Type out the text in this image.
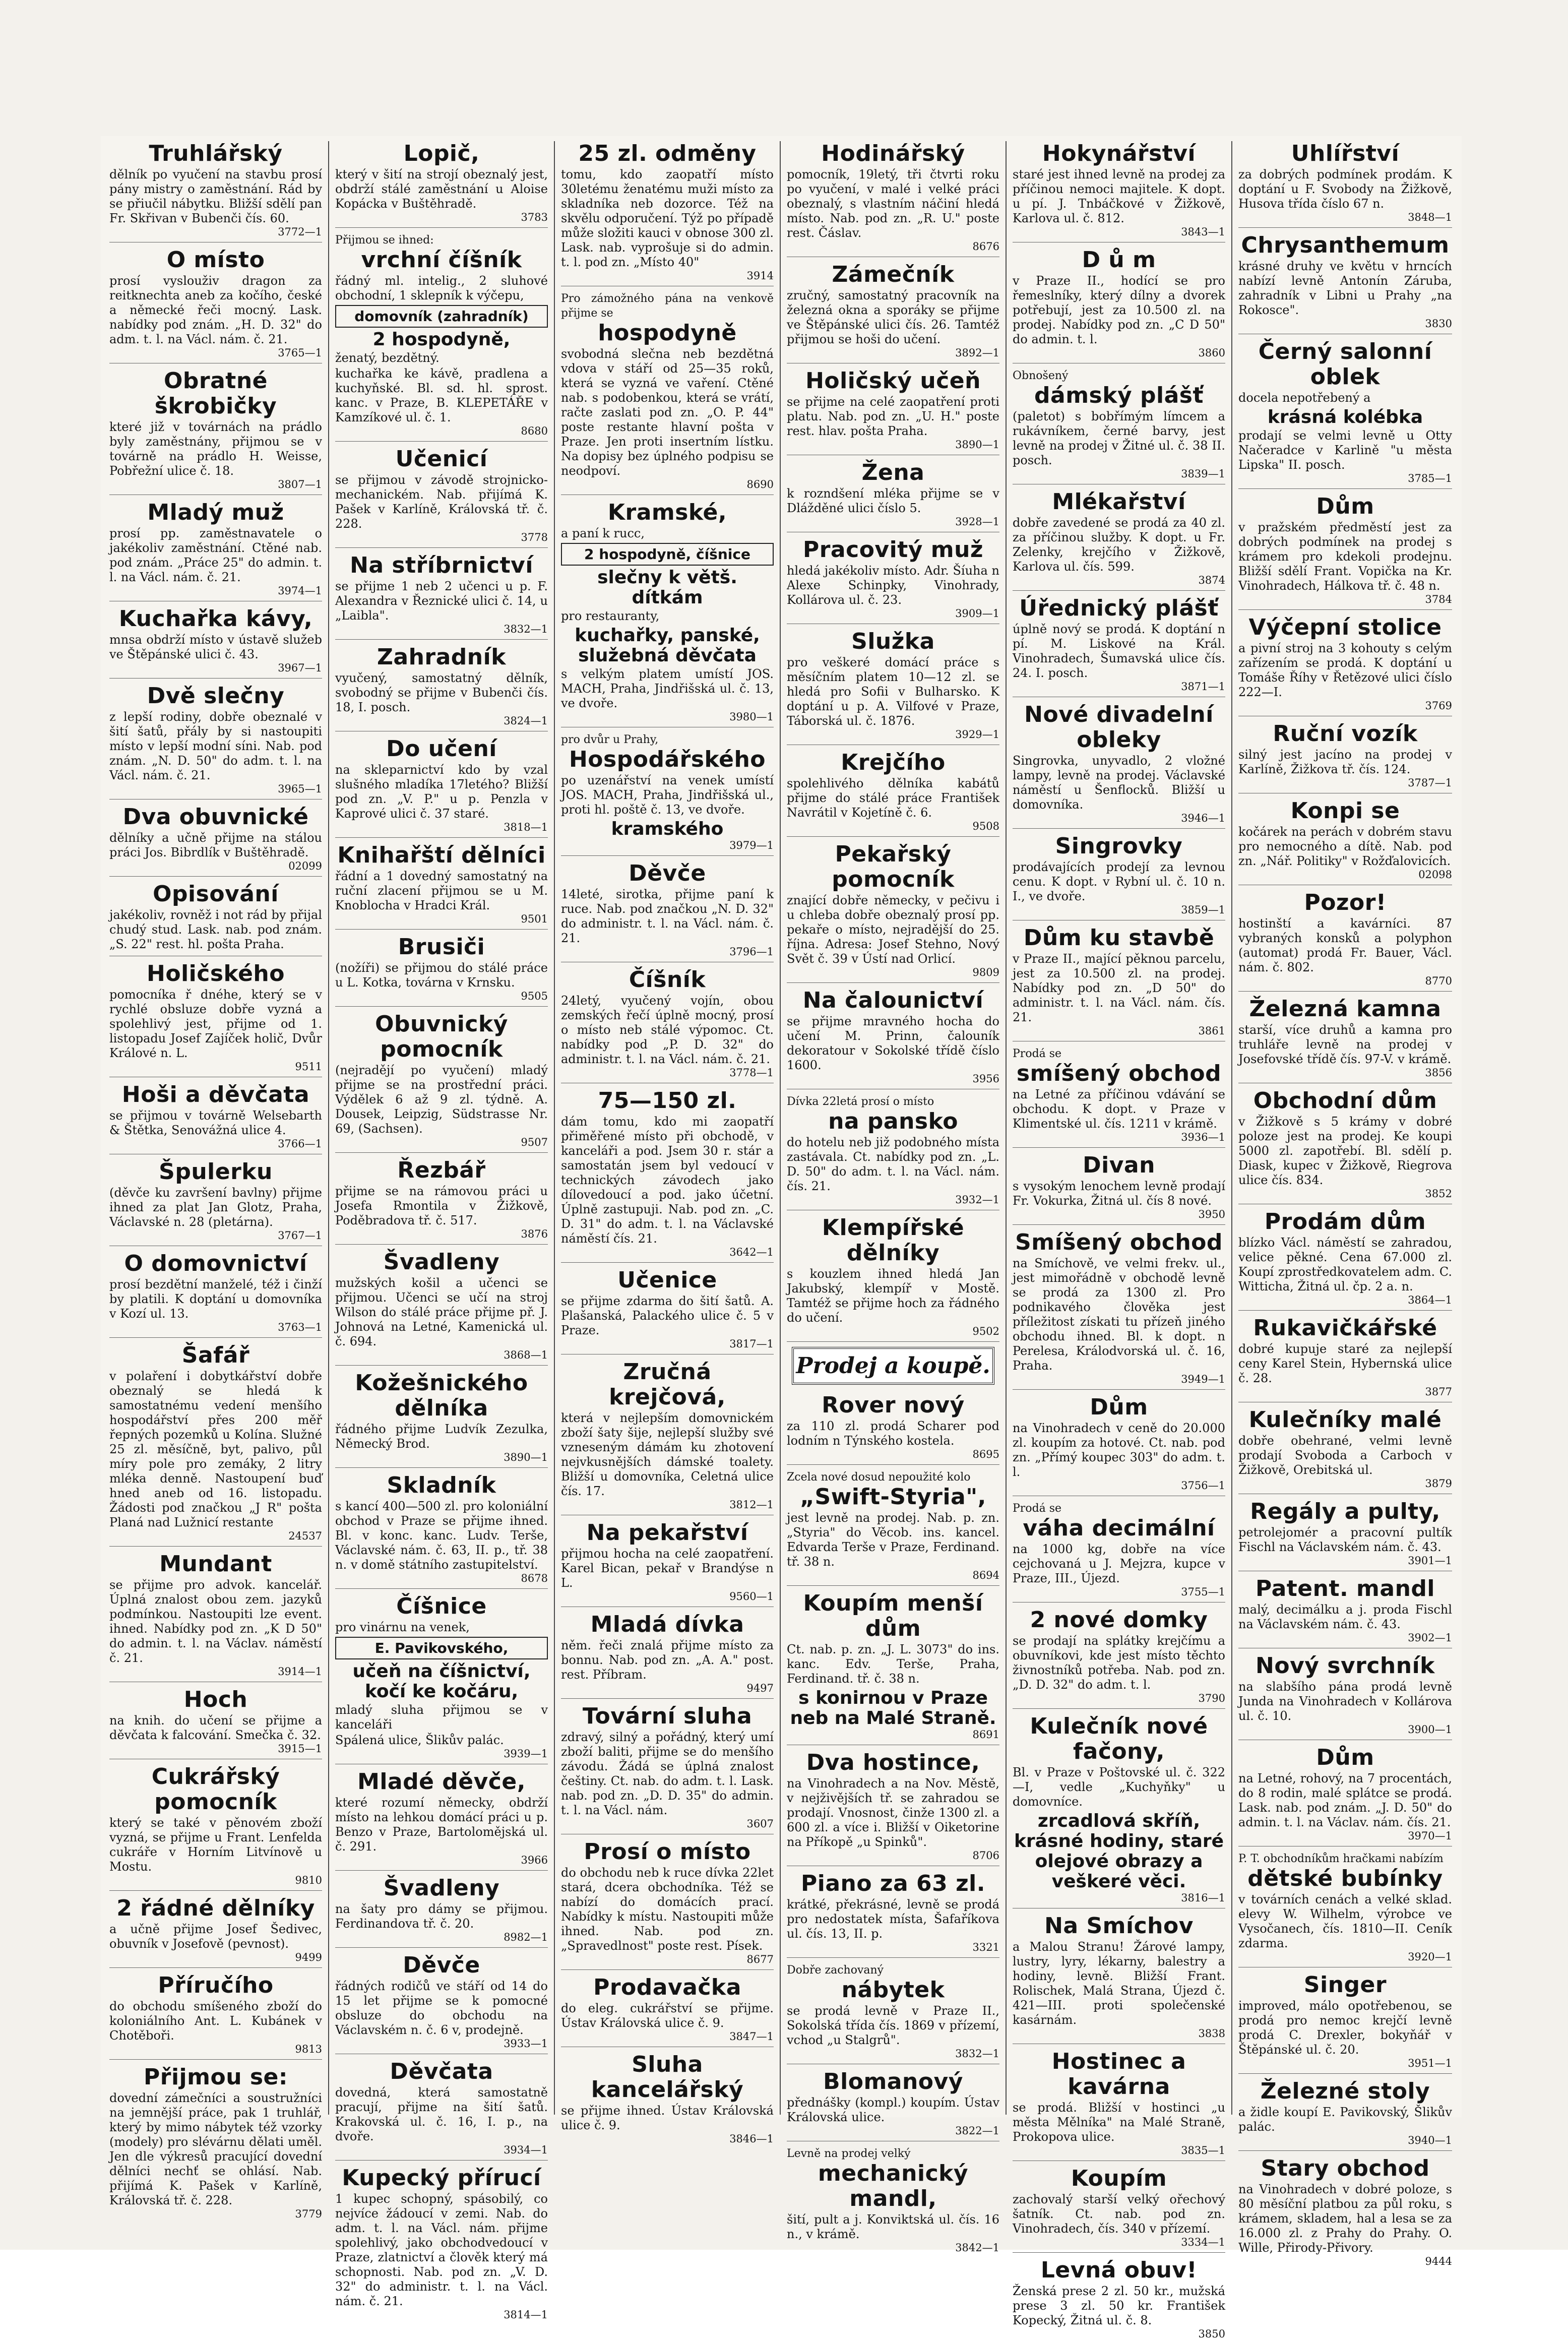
Truhlářský

dělník po vyučení na stavbu prosí pány mistry o zaměstnání. Rád by se přiučil nábytku. Bližší sdělí pan Fr. Skřivan v Bubenči čís. 60.

3772—1
O místo

prosí vyslouživ dragon za reitknechta aneb za kočího, české a německé řeči mocný. Lask. nabídky pod znám. „H. D. 32" do adm. t. l. na Václ. nám. č. 21.

3765—1
Obratné škrobičky

které již v továrnách na prádlo byly zaměstnány, přijmou se v továrně na prádlo H. Weisse, Pobřežní ulice č. 18.

3807—1
Mladý muž

prosí pp. zaměstnavatele o jakékoliv zaměstnání. Ctěné nab. pod znám. „Práce 25" do admin. t. l. na Václ. nám. č. 21.

3974—1
Kuchařka kávy,

mnsa obdrží místo v ústavě služeb ve Štěpánské ulici č. 43.

3967—1
Dvě slečny

z lepší rodiny, dobře obeznalé v šití šatů, přály by si nastoupiti místo v lepší modní síni. Nab. pod znám. „N. D. 50" do adm. t. l. na Václ. nám. č. 21.

3965—1
Dva obuvnické

dělníky a učně přijme na stálou práci Jos. Bibrdlík v Buštěhradě.

02099
Opisování

jakékoliv, rovněž i not rád by přijal chudý stud. Lask. nab. pod znám. „S. 22" rest. hl. pošta Praha.

Holičského

pomocníka ř dnéhe, který se v rychlé obsluze dobře vyzná a spolehlivý jest, přijme od 1. listopadu Josef Zajíček holič, Dvůr Králové n. L.

9511
Hoši a děvčata

se přijmou v továrně Welsebarth & Štětka, Senovážná ulice 4.

3766—1
Špulerku

(děvče ku završení bavlny) přijme ihned za plat Jan Glotz, Praha, Václavské n. 28 (pletárna).

3767—1
O domovnictví

prosí bezdětní manželé, též i činží by platili. K doptání u domovníka v Kozí ul. 13.

3763—1
Šafář

v polaření i dobytkářství dobře obeznalý se hledá k samostatnému vedení menšího hospodářství přes 200 měř řepných pozemků u Kolína. Služné 25 zl. měsíčně, byt, palivo, půl míry pole pro zemáky, 2 litry mléka denně. Nastoupení buď hned aneb od 16. listopadu. Žádosti pod značkou „J R" pošta Planá nad Lužnicí restante

24537
Mundant

se přijme pro advok. kancelář. Úplná znalost obou zem. jazyků podmínkou. Nastoupiti lze event. ihned. Nabídky pod zn. „K D 50" do admin. t. l. na Václav. náměstí č. 21.

3914—1
Hoch

na knih. do učení se přijme a děvčata k falcování. Smečka č. 32.

3915—1
Cukrářský pomocník

který se také v pěnovém zboží vyzná, se přijme u Frant. Lenfelda cukráře v Horním Litvínově u Mostu.

9810
2 řádné dělníky

a učně přijme Josef Šedivec, obuvník v Josefově (pevnost).

9499
Příručího

do obchodu smíšeného zboží do koloniálního Ant. L. Kubánek v Chotěboři.

9813
Přijmou se:

dovední zámečníci a soustružníci na jemnější práce, pak 1 truhlář, který by mimo nábytek též vzorky (modely) pro slévárnu dělati uměl. Jen dle výkresů pracující dovední dělníci nechť se ohlásí. Nab. přijímá K. Pašek v Karlíně, Královská tř. č. 228.

3779
Lopič,

který v šití na strojí obeznalý jest, obdrží stálé zaměstnání u Aloise Kopácka v Buštěhradě.

3783

Přijmou se ihned:

vrchní číšník

řádný ml. intelig., 2 sluhové obchodní, 1 sklepník k výčepu,

domovník (zahradník)
2 hospodyně,

ženatý, bezdětný.

kuchařka ke kávě, pradlena a kuchyňské. Bl. sd. hl. sprost. kanc. v Praze, B. KLEPETÁŘE v Kamzíkové ul. č. 1.

8680
Učenicí

se přijmou v závodě strojnicko-mechanickém. Nab. přijímá K. Pašek v Karlíně, Královská tř. č. 228.

3778
Na stříbrnictví

se přijme 1 neb 2 učenci u p. F. Alexandra v Řeznické ulici č. 14, u „Laibla".

3832—1
Zahradník

vyučený, samostatný dělník, svobodný se přijme v Bubenči čís. 18, I. posch.

3824—1
Do učení

na skleparnictví kdo by vzal slušného mladíka 17letého? Bližší pod zn. „V. P." u p. Penzla v Kaprové ulici č. 37 staré.

3818—1
Knihařští dělníci

řádní a 1 dovedný samostatný na ruční zlacení přijmou se u M. Knoblocha v Hradci Král.

9501
Brusiči

(nožíři) se přijmou do stálé práce u L. Kotka, továrna v Krnsku.

9505
Obuvnický pomocník

(nejradějí po vyučení) mladý přijme se na prostřední práci. Výdělek 6 až 9 zl. týdně. A. Dousek, Leipzig, Südstrasse Nr. 69, (Sachsen).

9507
Řezbář

přijme se na rámovou práci u Josefa Rmontila v Žižkově, Poděbradova tř. č. 517.

3876
Švadleny

mužských košil a učenci se přijmou. Učenci se učí na stroj Wilson do stálé práce přijme př. J. Johnová na Letné, Kamenická ul. č. 694.

3868—1
Kožešnického dělníka

řádného přijme Ludvík Zezulka, Německý Brod.

3890—1
Skladník

s kancí 400—500 zl. pro koloniální obchod v Praze se přijme ihned. Bl. v konc. kanc. Ludv. Terše, Václavské nám. č. 63, II. p., tř. 38 n. v domě státního zastupitelství.

8678
Číšnice

pro vinárnu na venek,

E. Pavikovského,
učeň na číšnictví, kočí ke kočáru,

mladý sluha přijmou se v kanceláři

Spálená ulice, Šlikův palác.

3939—1
Mladé děvče,

které rozumí německy, obdrží místo na lehkou domácí práci u p. Benzo v Praze, Bartolomějská ul. č. 291.

3966
Švadleny

na šaty pro dámy se přijmou. Ferdinandova tř. č. 20.

8982—1
Děvče

řádných rodičů ve stáří od 14 do 15 let přijme se k pomocné obsluze do obchodu na Václavském n. č. 6 v, prodejně.

3933—1
Děvčata

dovedná, která samostatně pracují, přijme na šití šatů. Krakovská ul. č. 16, I. p., na dvoře.

3934—1
Kupecký přírucí

1 kupec schopný, spásobilý, co nejvíce žádoucí v zemi. Nab. do adm. t. l. na Václ. nám. přijme spolehlivý, jako obchodvedoucí v Praze, zlatnictví a člověk který má schopnosti. Nab. pod zn. „V. D. 32" do administr. t. l. na Václ. nám. č. 21.

3814—1
25 zl. odměny

tomu, kdo zaopatří místo 30letému ženatému muži místo za skladníka neb dozorce. Též na skvělu odporučení. Týž po případě může složiti kauci v obnose 300 zl. Lask. nab. vyprošuje si do admin. t. l. pod zn. „Místo 40"

3914

Pro zámožného pána na venkově přijme se

hospodyně

svobodná slečna neb bezdětná vdova v stáří od 25—35 roků, která se vyzná ve vaření. Ctěné nab. s podobenkou, která se vrátí, račte zaslati pod zn. „O. P. 44" poste restante hlavní pošta v Praze. Jen proti insertním lístku. Na dopisy bez úplného podpisu se neodpoví.

8690
Kramské,

a paní k rucc,

2 hospodyně, číšnice
slečny k větš. dítkám

pro restauranty,

kuchařky, panské, služebná děvčata

s velkým platem umístí JOS. MACH, Praha, Jindřišská ul. č. 13, ve dvoře.

3980—1

pro dvůr u Prahy,

Hospodářského

po uzenářství na venek umístí JOS. MACH, Praha, Jindřišská ul., proti hl. poště č. 13, ve dvoře.

kramského
3979—1
Děvče

14leté, sirotka, přijme paní k ruce. Nab. pod značkou „N. D. 32" do administr. t. l. na Václ. nám. č. 21.

3796—1
Číšník

24letý, vyučený vojín, obou zemských řečí úplně mocný, prosí o místo neb stálé výpomoc. Ct. nabídky pod „P. D. 32" do administr. t. l. na Václ. nám. č. 21.

3778—1
75—150 zl.

dám tomu, kdo mi zaopatří přiměřené místo při obchodě, v kanceláři a pod. Jsem 30 r. stár a samostatán jsem byl vedoucí v technických závodech jako dílovedoucí a pod. jako účetní. Úplně zastupuji. Nab. pod zn. „C. D. 31" do adm. t. l. na Václavské náměstí čís. 21.

3642—1
Učenice

se přijme zdarma do šití šatů. A. Plašanská, Palackého ulice č. 5 v Praze.

3817—1
Zručná krejčová,

která v nejlepším domovnickém zboží šaty šije, nejlepší služby své vzneseným dámám ku zhotovení nejvkusnějších dámské toalety. Bližší u domovníka, Celetná ulice čís. 17.

3812—1
Na pekařství

přijmou hocha na celé zaopatření. Karel Bican, pekař v Brandýse n L.

9560—1
Mladá dívka

něm. řeči znalá přijme místo za bonnu. Nab. pod zn. „A. A." post. rest. Příbram.

9497
Tovární sluha

zdravý, silný a pořádný, který umí zboží baliti, přijme se do menšího závodu. Žádá se úplná znalost češtiny. Ct. nab. do adm. t. l. Lask. nab. pod zn. „D. D. 35" do admin. t. l. na Václ. nám.

3607
Prosí o místo

do obchodu neb k ruce dívka 22let stará, dcera obchodníka. Též se nabízí do domácích prací. Nabídky k místu. Nastoupiti může ihned. Nab. pod zn. „Spravedlnost" poste rest. Písek.

8677
Prodavačka

do eleg. cukrářství se přijme. Ústav Královská ulice č. 9.

3847—1
Sluha kancelářský

se přijme ihned. Ústav Královská ulice č. 9.

3846—1
Hodinářský

pomocník, 19letý, tři čtvrti roku po vyučení, v malé i velké práci obeznalý, s vlastním náčiní hledá místo. Nab. pod zn. „R. U." poste rest. Čáslav.

8676
Zámečník

zručný, samostatný pracovník na železná okna a sporáky se přijme ve Štěpánské ulici čís. 26. Tamtéž přijmou se hoši do učení.

3892—1
Holičský učeň

se přijme na celé zaopatření proti platu. Nab. pod zn. „U. H." poste rest. hlav. pošta Praha.

3890—1
Žena

k rozndšení mléka přijme se v Dlážděné ulici číslo 5.

3928—1
Pracovitý muž

hledá jakékoliv místo. Adr. Šíuha n Alexe Schinpky, Vinohrady, Kollárova ul. č. 23.

3909—1
Služka

pro veškeré domácí práce s měsíčním platem 10—12 zl. se hledá pro Sofii v Bulharsko. K doptání u p. A. Vilfové v Praze, Táborská ul. č. 1876.

3929—1
Krejčího

spolehlivého dělníka kabátů přijme do stálé práce František Navrátil v Kojetíně č. 6.

9508
Pekařský pomocník

znající dobře německy, v pečivu i u chleba dobře obeznalý prosí pp. pekaře o místo, nejradější do 25. října. Adresa: Josef Stehno, Nový Svět č. 39 v Ústí nad Orlicí.

9809
Na čalounictví

se přijme mravného hocha do učení M. Prinn, čalouník dekoratour v Sokolské třídě číslo 1600.

3956

Dívka 22letá prosí o místo

na pansko

do hotelu neb již podobného místa zastávala. Ct. nabídky pod zn. „L. D. 50" do adm. t. l. na Václ. nám. čís. 21.

3932—1
Klempířské dělníky

s kouzlem ihned hledá Jan Jakubský, klempíř v Mostě. Tamtéž se přijme hoch za řádného do učení.

9502
Prodej a koupě.
Rover nový

za 110 zl. prodá Scharer pod lodním n Týnského kostela.

8695

Zcela nové dosud nepoužité kolo

„Swift-Styria",

jest levně na prodej. Nab. p. zn. „Styria" do Věcob. ins. kancel. Edvarda Terše v Praze, Ferdinand. tř. 38 n.

8694
Koupím menší dům

Ct. nab. p. zn. „J. L. 3073" do ins. kanc. Edv. Terše, Praha, Ferdinand. tř. č. 38 n.

s konirnou v Praze neb na Malé Straně.
8691
Dva hostince,

na Vinohradech a na Nov. Městě, v nejživějších tř. se zahradou se prodají. Vnosnost, činže 1300 zl. a 600 zl. a více i. Bližší v Oiketorine na Příkopě „u Spinků".

8706
Piano za 63 zl.

krátké, překrásné, levně se prodá pro nedostatek místa, Šafaříkova ul. čís. 13, II. p.

3321

Dobře zachovaný

nábytek

se prodá levně v Praze II., Sokolská třída čís. 1869 v přízemí, vchod „u Stalgrů".

3832—1
Blomanový

přednášky (kompl.) koupím. Ústav Královská ulice.

3822—1

Levně na prodej velký

mechanický mandl,

šití, pult a j. Konviktská ul. čís. 16 n., v krámě.

3842—1
Hokynářství

staré jest ihned levně na prodej za příčinou nemoci majitele. K dopt. u pí. J. Tnbáčkové v Žižkově, Karlova ul. č. 812.

3843—1
D ů m

v Praze II., hodící se pro řemeslníky, který dílny a dvorek potřebují, jest za 10.500 zl. na prodej. Nabídky pod zn. „C D 50" do admin. t. l.

3860

Obnošený

dámský plášť

(paletot) s bobřímým límcem a rukávníkem, černé barvy, jest levně na prodej v Žitné ul. č. 38 II. posch.

3839—1
Mlékařství

dobře zavedené se prodá za 40 zl. za příčinou služby. K dopt. u Fr. Zelenky, krejčího v Žižkově, Karlova ul. čís. 599.

3874
Úřednický plášť

úplně nový se prodá. K doptání n pí. M. Liskové na Král. Vinohradech, Šumavská ulice čís. 24. I. posch.

3871—1
Nové divadelní obleky

Singrovka, unyvadlo, 2 vložné lampy, levně na prodej. Václavské náměstí u Šenflocků. Bližší u domovníka.

3946—1
Singrovky

prodávajících prodejí za levnou cenu. K dopt. v Rybní ul. č. 10 n. I., ve dvoře.

3859—1
Dům ku stavbě

v Praze II., mající pěknou parcelu, jest za 10.500 zl. na prodej. Nabídky pod zn. „D 50" do administr. t. l. na Václ. nám. čís. 21.

3861

Prodá se

smíšený obchod

na Letné za příčinou vdávání se obchodu. K dopt. v Praze v Klimentské ul. čís. 1211 v krámě.

3936—1
Divan

s vysokým lenochem levně prodají Fr. Vokurka, Žitná ul. čís 8 nové.

3950
Smíšený obchod

na Smíchově, ve velmi frekv. ul., jest mimořádně v obchodě levně se prodá za 1300 zl. Pro podnikavého člověka jest příležitost získati tu přízeň jiného obchodu ihned. Bl. k dopt. n Perelesa, Králodvorská ul. č. 16, Praha.

3949—1
Dům

na Vinohradech v ceně do 20.000 zl. koupím za hotové. Ct. nab. pod zn. „Přímý koupec 303" do adm. t. l.

3756—1

Prodá se

váha decimální

na 1000 kg, dobře na více cejchovaná u J. Mejzra, kupce v Praze, III., Újezd.

3755—1
2 nové domky

se prodají na splátky krejčímu a obuvníkovi, kde jest místo těchto živnostníků potřeba. Nab. pod zn. „D. D. 32" do adm. t. l.

3790
Kulečník nové fačony,

Bl. v Praze v Poštovské ul. č. 322—I, vedle „Kuchyňky" u domovníce.

zrcadlová skříň, krásné hodiny, staré olejové obrazy a veškeré věci.
3816—1
Na Smíchov

a Malou Stranu! Žárové lampy, lustry, lyry, lékarny, balestry a hodiny, levně. Bližší Frant. Rolischek, Malá Strana, Újezd č. 421—III. proti společenské kasárnám.

3838
Hostinec a kavárna

se prodá. Bližší v hostinci „u města Mělníka" na Malé Straně, Prokopova ulice.

3835—1
Koupím

zachovalý starší velký ořechový šatník. Ct. nab. pod zn. Vinohradech, čís. 340 v přízemí.

3334—1
Levná obuv!

Ženská prese 2 zl. 50 kr., mužská prese 3 zl. 50 kr. František Kopecký, Žitná ul. č. 8.

3850
Uhlířství

za dobrých podmínek prodám. K doptání u F. Svobody na Žižkově, Husova třída číslo 67 n.

3848—1
Chrysanthemum

krásné druhy ve květu v hrncích nabízí levně Antonín Záruba, zahradník v Libni u Prahy „na Rokosce".

3830
Černý salonní oblek

docela nepotřebený a

krásná kolébka

prodají se velmi levně u Otty Načeradce v Karlině "u města Lipska" II. posch.

3785—1
Dům

v pražském předměstí jest za dobrých podmínek na prodej s krámem pro kdekoli prodejnu. Bližší sdělí Frant. Vopička na Kr. Vinohradech, Hálkova tř. č. 48 n.

3784
Výčepní stolice

a pivní stroj na 3 kohouty s celým zařízením se prodá. K doptání u Tomáše Říhy v Řetězové ulici číslo 222—I.

3769
Ruční vozík

silný jest jacíno na prodej v Karlíně, Žižkova tř. čís. 124.

3787—1
Konpi se

kočárek na perách v dobrém stavu pro nemocného a dítě. Nab. pod zn. „Nář. Politiky" v Rožďalovicích.

02098
Pozor!

hostinští a kavárníci. 87 vybraných konsků a polyphon (automat) prodá Fr. Bauer, Václ. nám. č. 802.

8770
Železná kamna

starší, více druhů a kamna pro truhláře levně na prodej v Josefovské třídě čís. 97-V. v krámě.

3856
Obchodní dům

v Žižkově s 5 krámy v dobré poloze jest na prodej. Ke koupi 5000 zl. zapotřebí. Bl. sdělí p. Diask, kupec v Žižkově, Riegrova ulice čís. 834.

3852
Prodám dům

blízko Václ. náměstí se zahradou, velice pěkné. Cena 67.000 zl. Koupí zprostředkovatelem adm. C. Witticha, Žitná ul. čp. 2 a. n.

3864—1
Rukavičkářské

dobré kupuje staré za nejlepší ceny Karel Stein, Hybernská ulice č. 28.

3877
Kulečníky malé

dobře obehrané, velmi levně prodají Svoboda a Carboch v Žižkově, Orebitská ul.

3879
Regály a pulty,

petrolejomér a pracovní pultík Fischl na Václavském nám. č. 43.

3901—1
Patent. mandl

malý, decimálku a j. proda Fischl na Václavském nám. č. 43.

3902—1
Nový svrchník

na slabšího pána prodá levně Junda na Vinohradech v Kollárova ul. č. 10.

3900—1
Dům

na Letné, rohový, na 7 procentách, do 8 rodin, malé splátce se prodá. Lask. nab. pod znám. „J. D. 50" do admin. t. l. na Václav. nám. čís. 21.

3970—1

P. T. obchodníkům hračkami nabízím

dětské bubínky

v továrních cenách a velké sklad. elevy W. Wilhelm, výrobce ve Vysočanech, čís. 1810—II. Ceník zdarma.

3920—1
Singer

improved, málo opotřebenou, se prodá pro nemoc krejčí levně prodá C. Drexler, bokyňář v Štěpánské ul. č. 20.

3951—1
Železné stoly

a židle koupí E. Pavikovský, Šlikův palác.

3940—1
Stary obchod

na Vinohradech v dobré poloze, s 80 měsíční platbou za půl roku, s krámem, skladem, hal a lesa se za 16.000 zl. z Prahy do Prahy. O. Wille, Přirody-Přivory.

9444
